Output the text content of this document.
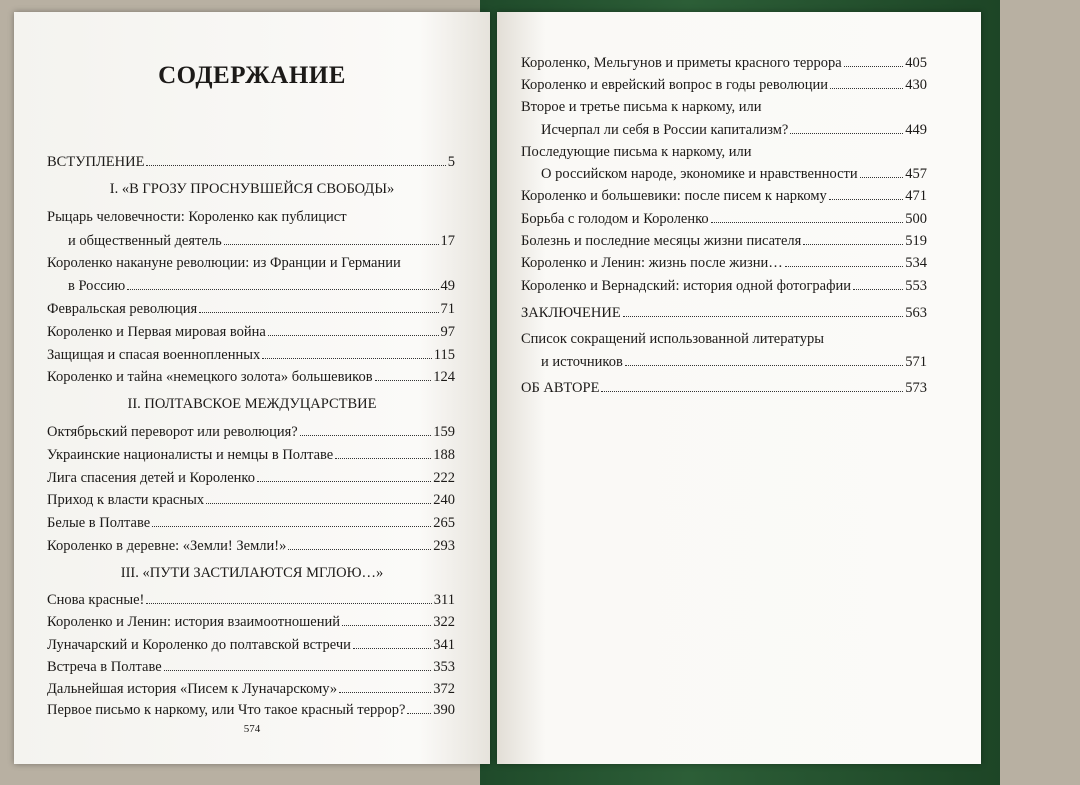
СОДЕРЖАНИЕ
ВСТУПЛЕНИЕ	5
I. «В ГРОЗУ ПРОСНУВШЕЙСЯ СВОБОДЫ»
Рыцарь человечности: Короленко как публицист
и общественный деятель	17
Короленко накануне революции: из Франции и Германии
в Россию	49
Февральская революция	71
Короленко и Первая мировая война	97
Защищая и спасая военнопленных	115
Короленко и тайна «немецкого золота» большевиков	124
II. ПОЛТАВСКОЕ МЕЖДУЦАРСТВИЕ
Октябрьский переворот или революция?	159
Украинские националисты и немцы в Полтаве	188
Лига спасения детей и Короленко	222
Приход к власти красных	240
Белые в Полтаве	265
Короленко в деревне: «Земли! Земли!»	293
III. «ПУТИ ЗАСТИЛАЮТСЯ МГЛОЮ…»
Снова красные!	311
Короленко и Ленин: история взаимоотношений	322
Луначарский и Короленко до полтавской встречи	341
Встреча в Полтаве	353
Дальнейшая история «Писем к Луначарскому»	372
Первое письмо к наркому, или Что такое красный террор? 390
574
Короленко, Мельгунов и приметы красного террора	405
Короленко и еврейский вопрос в годы революции	430
Второе и третье письма к наркому, или
Исчерпал ли себя в России капитализм?	449
Последующие письма к наркому, или
О российском народе, экономике и нравственности	457
Короленко и большевики: после писем к наркому	471
Борьба с голодом и Короленко	500
Болезнь и последние месяцы жизни писателя	519
Короленко и Ленин: жизнь после жизни…	534
Короленко и Вернадский: история одной фотографии	553
ЗАКЛЮЧЕНИЕ	563
Список сокращений использованной литературы
и источников	571
ОБ АВТОРЕ	573
